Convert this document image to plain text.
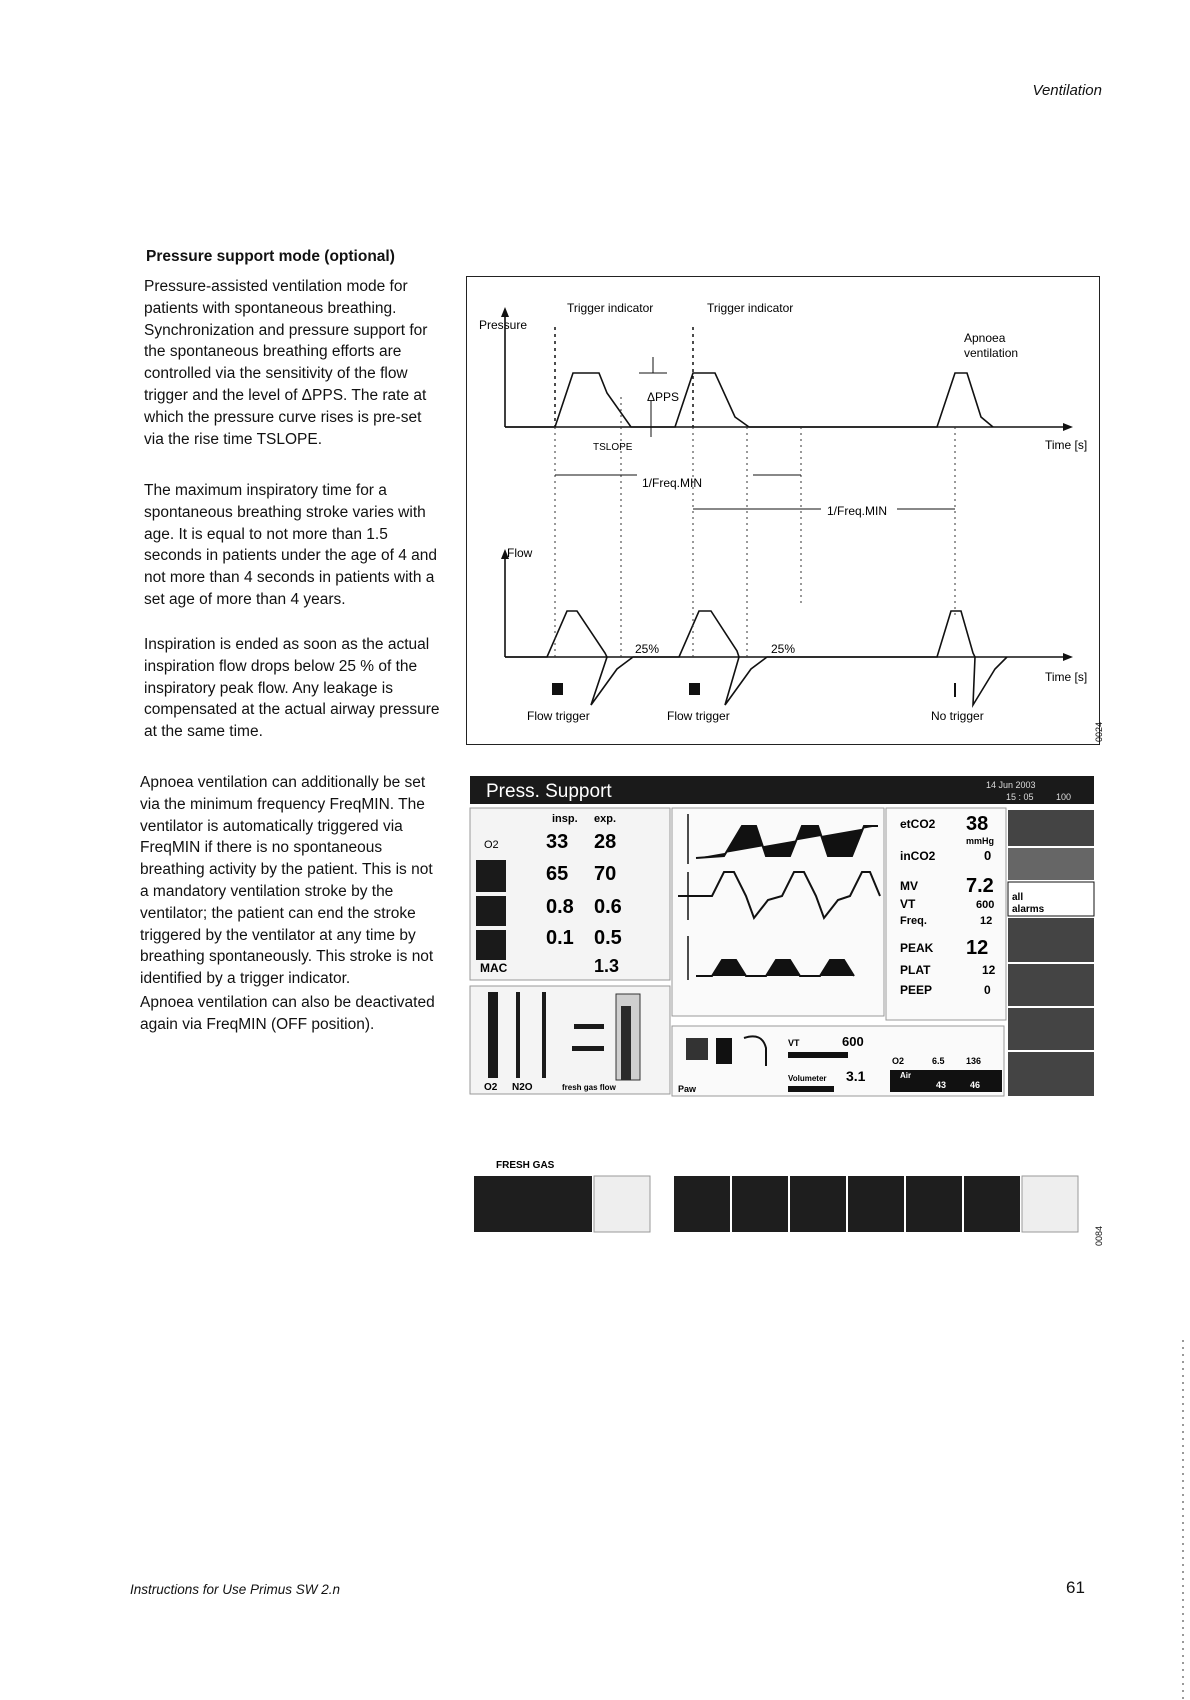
Ventilation
Pressure support mode (optional)

Pressure-assisted ventilation mode for patients with spontaneous breathing. Synchronization and pressure support for the spontaneous breathing efforts are controlled via the sensitivity of the flow trigger and the level of ΔPPS. The rate at which the pressure curve rises is pre-set via the rise time TSLOPE.

The maximum inspiratory time for a spontaneous breathing stroke varies with age. It is equal to not more than 1.5 seconds in patients under the age of 4 and not more than 4 seconds in patients with a set age of more than 4 years.

Inspiration is ended as soon as the actual inspiration flow drops below 25 % of the inspiratory peak flow. Any leakage is compensated at the actual airway pressure at the same time.

Apnoea ventilation can additionally be set via the minimum frequency FreqMIN. The ventilator is automatically triggered via FreqMIN if there is no spontaneous breathing activity by the patient. This is not a mandatory ventilation stroke by the ventilator; the patient can end the stroke triggered by the ventilator at any time by breathing spontaneously. This stroke is not identified by a trigger indicator.

Apnoea ventilation can also be deactivated again via FreqMIN (OFF position).

Pressure
Flow
Trigger indicator	Trigger indicator
Apnoea
ventilation
Time [s]
Time [s]
ΔPPS
TSLOPE
1/Freq.MIN
1/Freq.MIN
25%	25%
Flow trigger	Flow trigger	No trigger
0024
Press. Support	14 Jun 2003
15 : 05 100
insp. exp.
O2 33 28
65 70
0.8 0.6
0.1 0.5
MAC	1.3
O2 N2O	fresh gas flow
etCO2 38
mmHg
inCO2	0
MV 7.2
VT	600
Freq.	12
PEAK 12
PLAT	12
PEEP	0
all
alarms
VT	600
Volumeter 3.1
Paw
O2	6.5 136
Air
43	46
FRESH GAS
0084
Instructions for Use Primus SW 2.n	61
